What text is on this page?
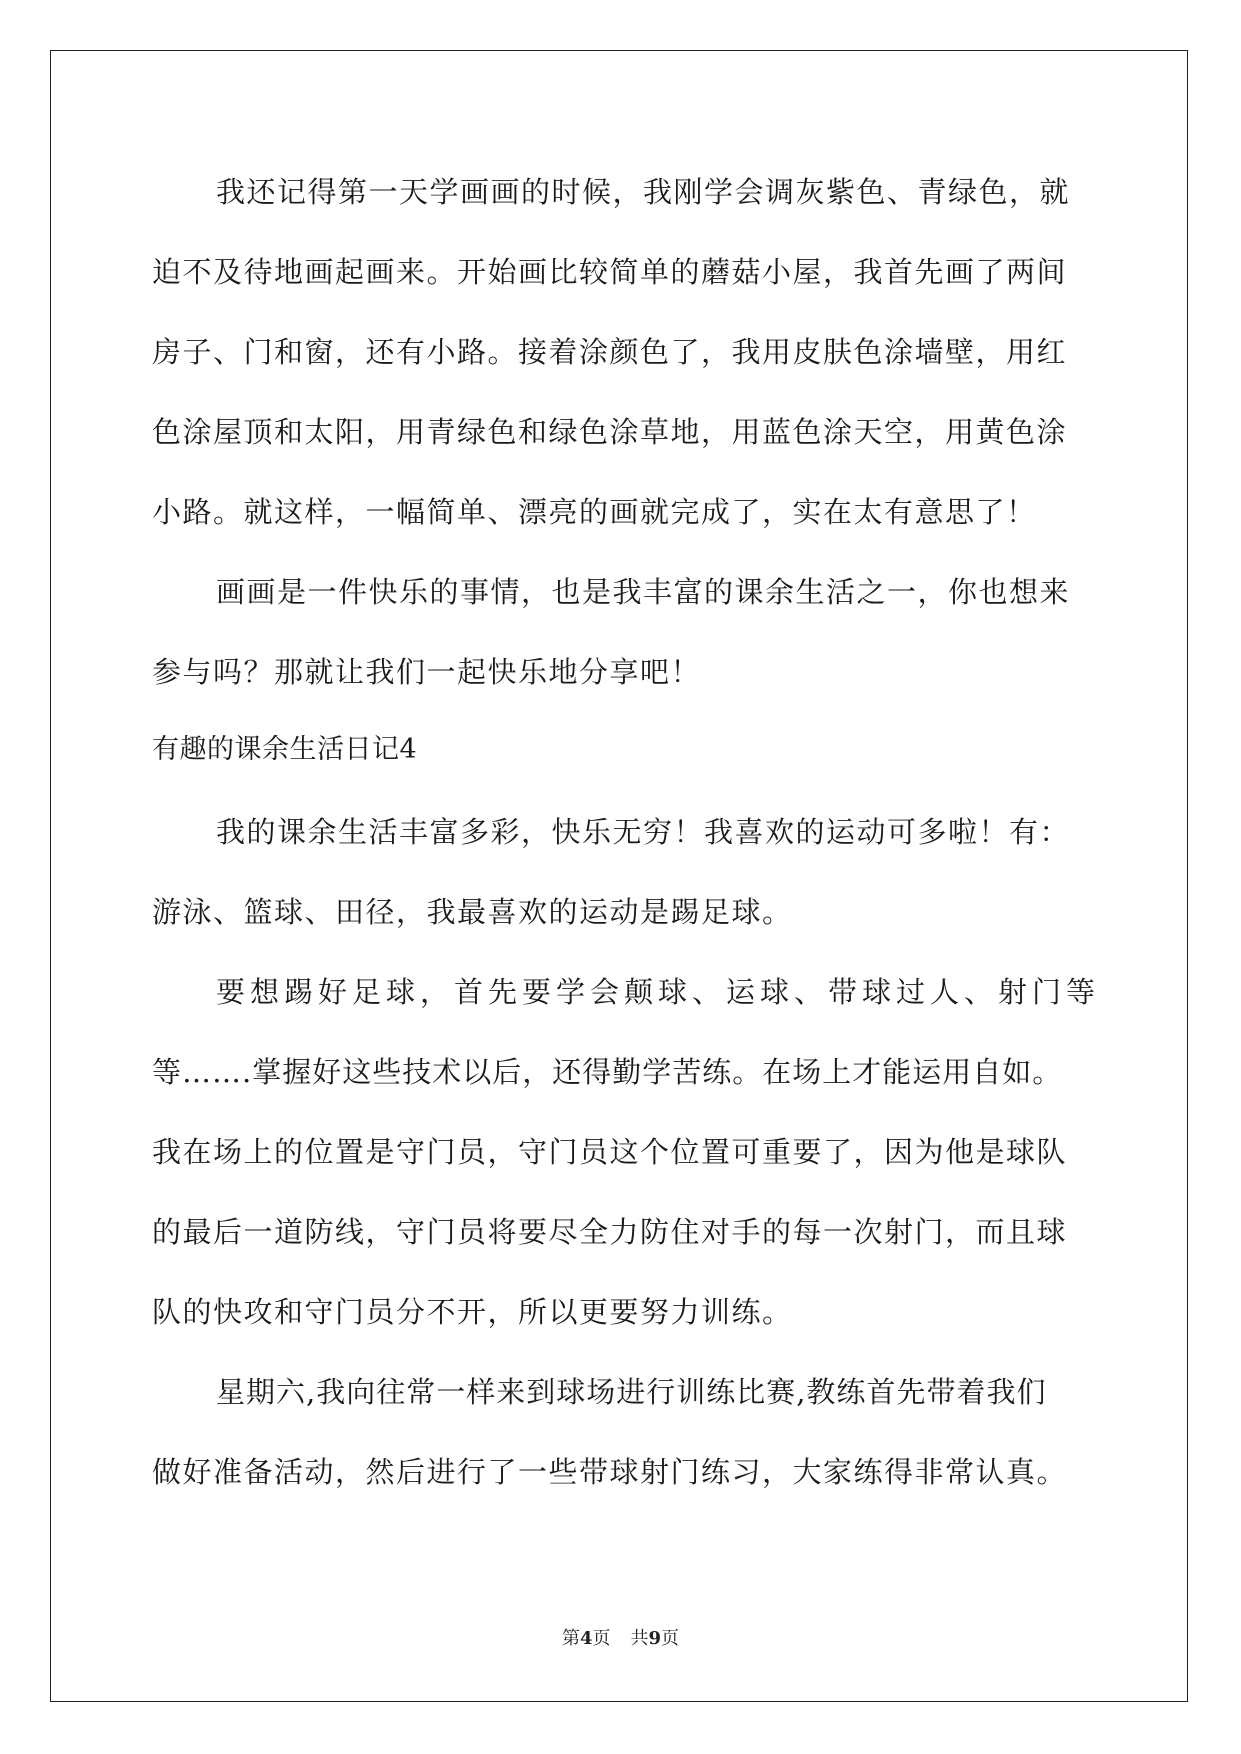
我还记得第一天学画画的时候，我刚学会调灰紫色、青绿色，就
迫不及待地画起画来。开始画比较简单的蘑菇小屋，我首先画了两间
房子、门和窗，还有小路。接着涂颜色了，我用皮肤色涂墙壁，用红
色涂屋顶和太阳，用青绿色和绿色涂草地，用蓝色涂天空，用黄色涂
小路。就这样，一幅简单、漂亮的画就完成了，实在太有意思了！
画画是一件快乐的事情，也是我丰富的课余生活之一，你也想来
参与吗？那就让我们一起快乐地分享吧！
有趣的课余生活日记4
我的课余生活丰富多彩，快乐无穷！我喜欢的运动可多啦！有：
游泳、篮球、田径，我最喜欢的运动是踢足球。
要想踢好足球，首先要学会颠球、运球、带球过人、射门等
等…….掌握好这些技术以后，还得勤学苦练。在场上才能运用自如。
我在场上的位置是守门员，守门员这个位置可重要了，因为他是球队
的最后一道防线，守门员将要尽全力防住对手的每一次射门，而且球
队的快攻和守门员分不开，所以更要努力训练。
星期六,我向往常一样来到球场进行训练比赛,教练首先带着我们
做好准备活动，然后进行了一些带球射门练习，大家练得非常认真。
第4页 共9页
